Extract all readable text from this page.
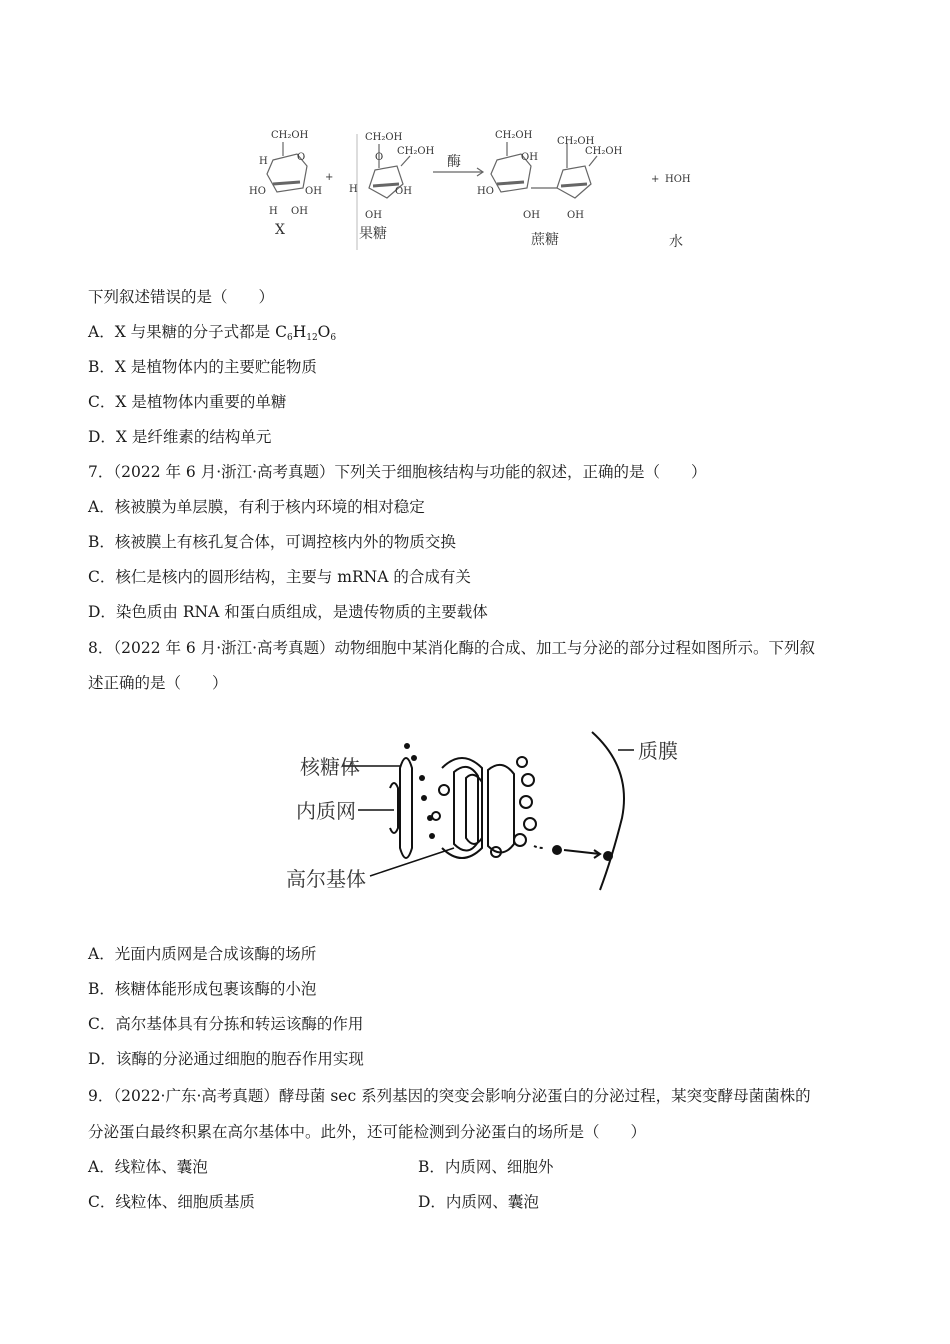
CH₂OH
H	O
HO	OH
H OH
+
CH₂OH
O
CH₂OH
H	OH
OH
CH₂OH
OH
HO
OH
CH₂OH
CH₂OH
OH
+ HOH
X	果糖
酶
蔗糖	水
下列叙述错误的是（　　）
A．X 与果糖的分子式都是 $C_6H_{12}O_6$
B．X 是植物体内的主要贮能物质
C．X 是植物体内重要的单糖
D．X 是纤维素的结构单元
7．（2022 年 6 月·浙江·高考真题）下列关于细胞核结构与功能的叙述，正确的是（　　）
A．核被膜为单层膜，有利于核内环境的相对稳定
B．核被膜上有核孔复合体，可调控核内外的物质交换
C．核仁是核内的圆形结构，主要与 mRNA 的合成有关
D．染色质由 RNA 和蛋白质组成，是遗传物质的主要载体
8．（2022 年 6 月·浙江·高考真题）动物细胞中某消化酶的合成、加工与分泌的部分过程如图所示。下列叙
述正确的是（　　）
核糖体
内质网
高尔基体
质膜
A．光面内质网是合成该酶的场所
B．核糖体能形成包裹该酶的小泡
C．高尔基体具有分拣和转运该酶的作用
D．该酶的分泌通过细胞的胞吞作用实现
9．（2022·广东·高考真题）酵母菌 sec 系列基因的突变会影响分泌蛋白的分泌过程，某突变酵母菌菌株的
分泌蛋白最终积累在高尔基体中。此外，还可能检测到分泌蛋白的场所是（　　）
A．线粒体、囊泡	B．内质网、细胞外
C．线粒体、细胞质基质	D．内质网、囊泡
